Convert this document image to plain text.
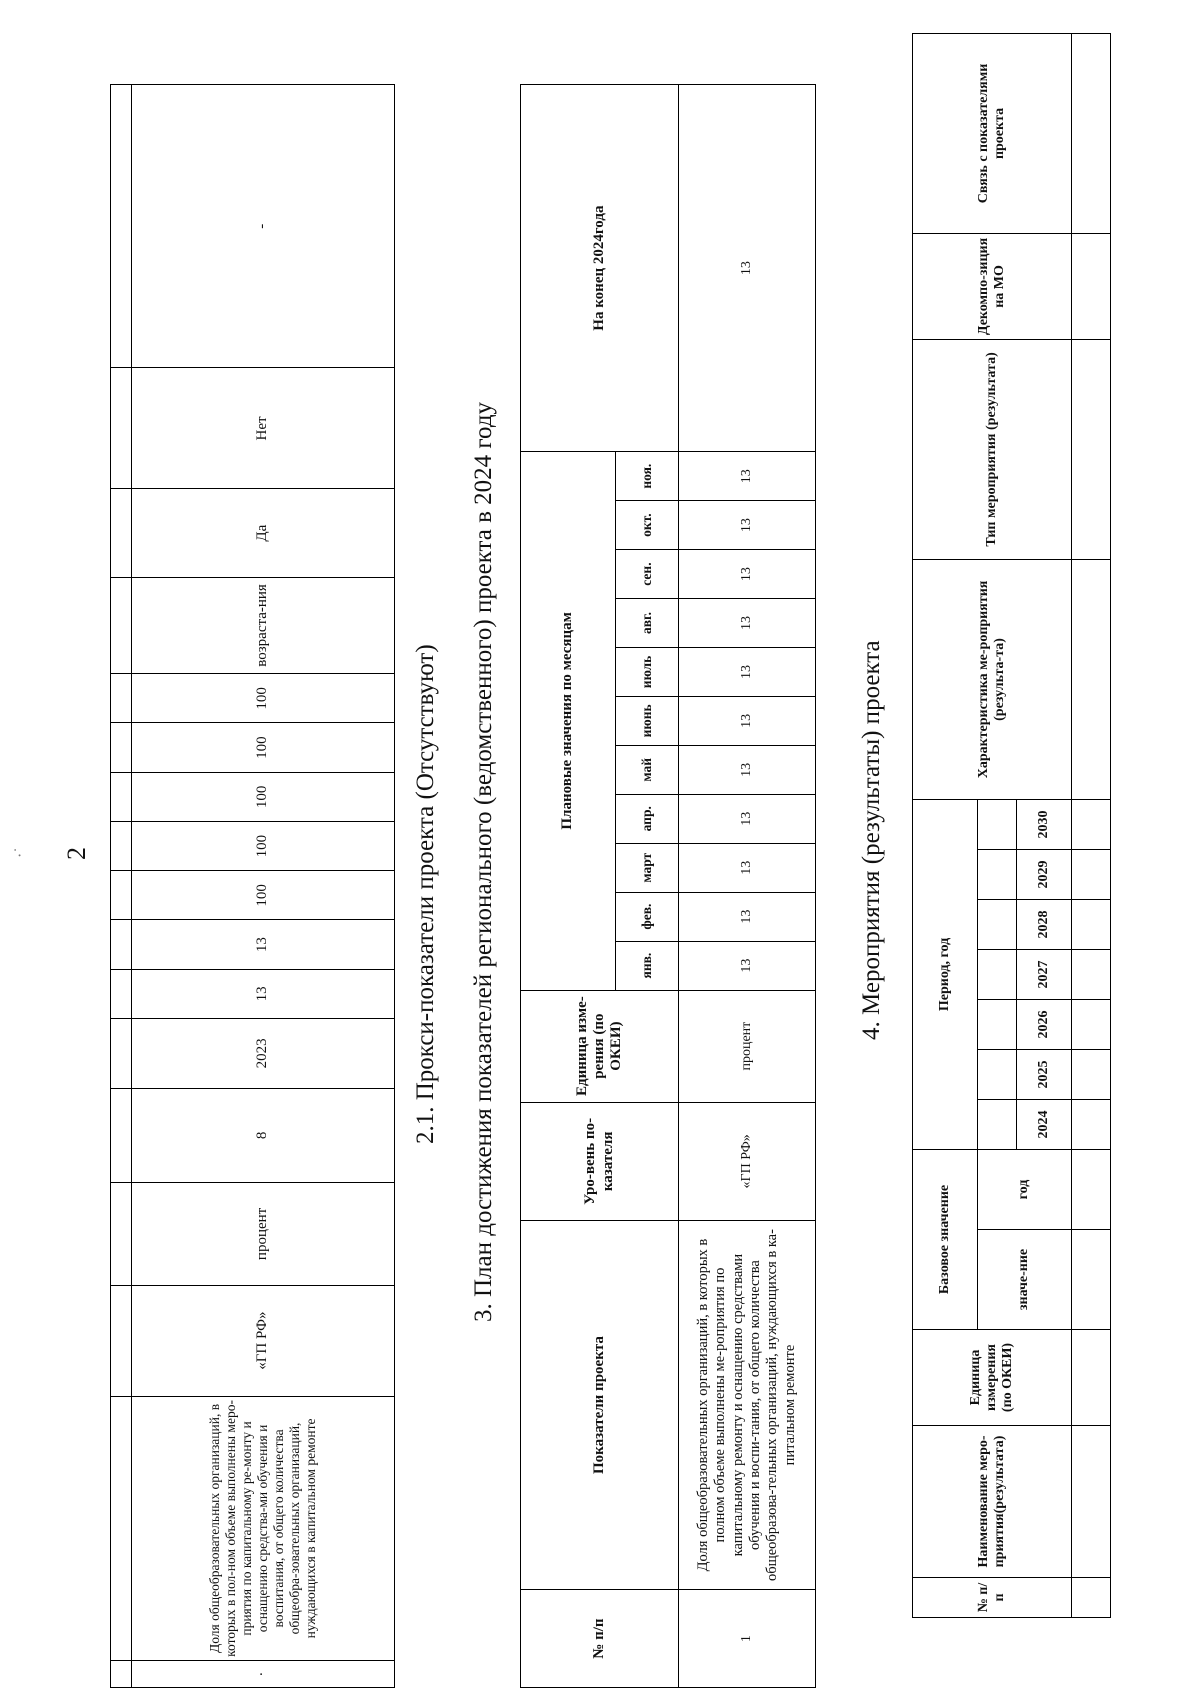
2
·˙

·	Доля общеобразовательных организаций, в которых в пол-ном объеме выполнены меро-приятия по капитальному ре-монту и оснащению средства-ми обучения и воспитания, от общего количества общеобра-зовательных организаций, нуждающихся в капитальном ремонте	«ГП РФ»	процент	8	2023	13	13	100	100	100	100	100	возраста-ния	Да	Нет	-
2.1. Прокси-показатели проекта (Отсутствуют) 3. План достижения показателей регионального (ведомственного) проекта в 2024 году
№ п/п	Показатели проекта	Уро-вень по-казателя	Единица изме-рения (по ОКЕИ)	Плановые значения по месяцам											На конец 2024года
				янв.	фев.	март	апр.	май	июнь	июль	авг.	сен.	окт.	ноя.	
1	Доля общеобразовательных организаций, в которых в полном объеме выполнены ме-роприятия по капитальному ремонту и оснащению средствами обучения и воспи-тания, от общего количества общеобразова-тельных организаций, нуждающихся в ка-питальном ремонте	«ГП РФ»	процент	13	13	13	13	13	13	13	13	13	13	13	13
4. Мероприятия (результаты) проекта
№ п/п	Наименование меро-приятия(результата)	Единица измерения (по ОКЕИ)	Базовое значение		Период, год							Характеристика ме-роприятия (результа-та)	Тип мероприятия (результата)	Декомпо-зиция на МО	Связь с показателями проекта
			значе-ние	год											
					2024	2025	2026	2027	2028	2029	2030				
